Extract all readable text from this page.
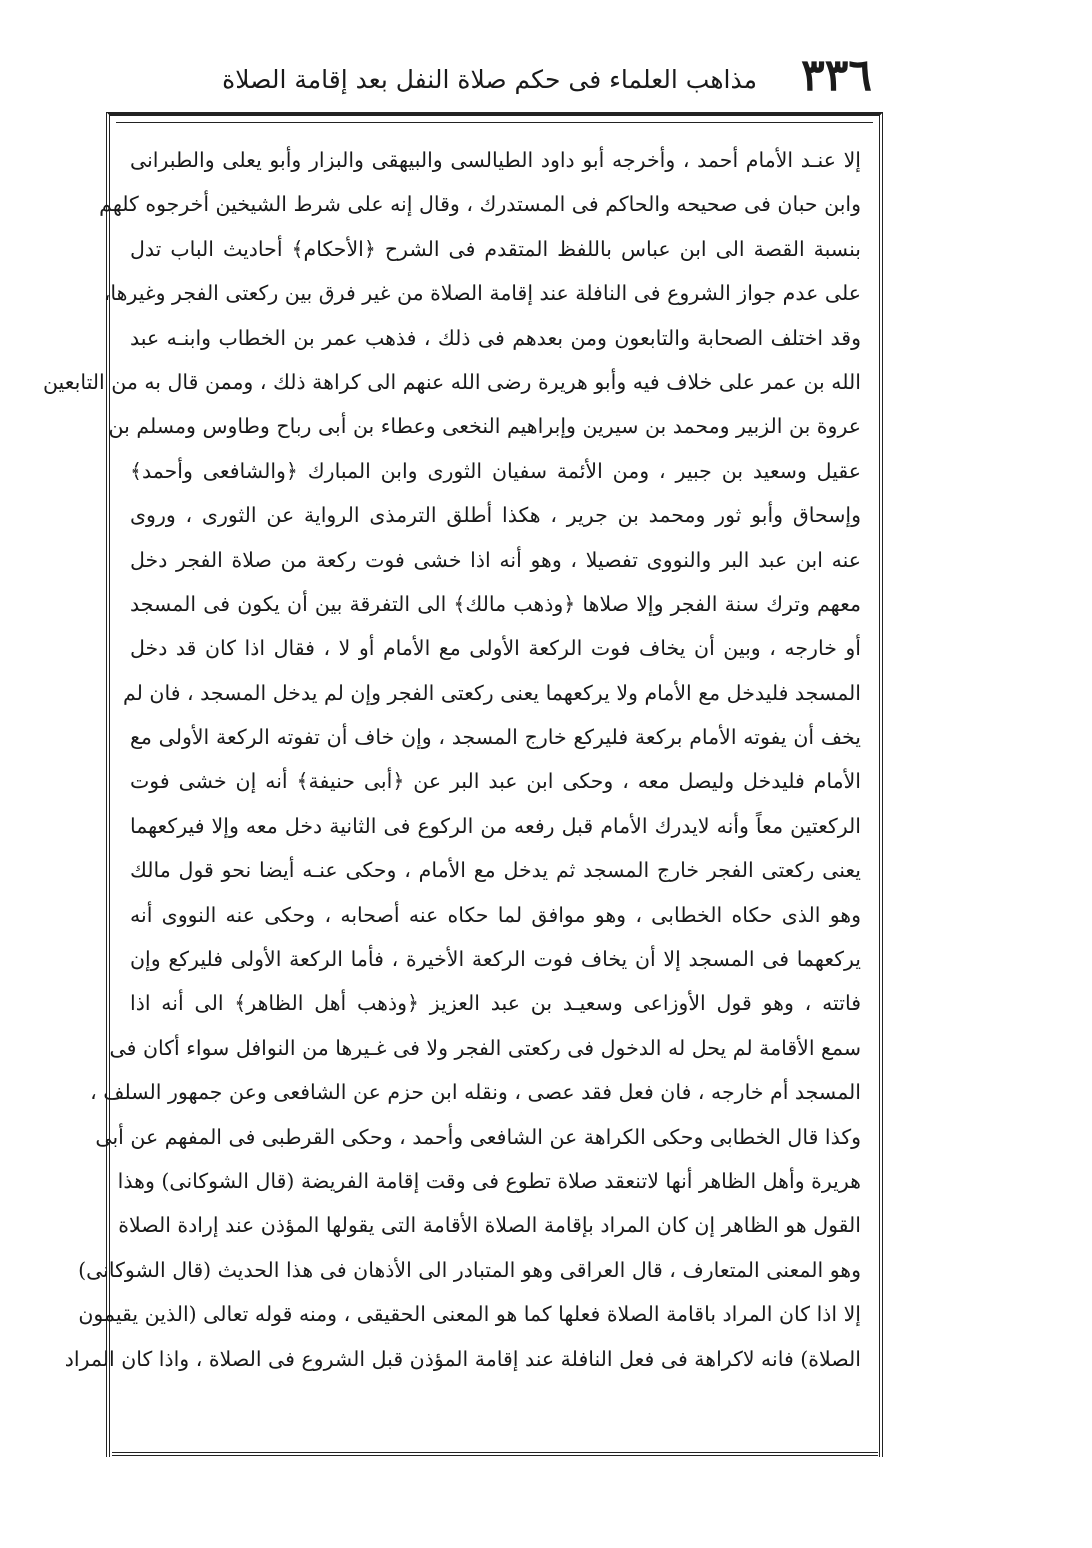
٣٣٦
مذاهب العلماء فى حكم صلاة النفل بعد إقامة الصلاة
إلا عنـد الأمام أحمد ، وأخرجه أبو داود الطيالسى والبيهقى والبزار وأبو يعلى والطبرانى
وابن حبان فى صحيحه والحاكم فى المستدرك ، وقال إنه على شرط الشيخين أخرجوه كلهم
بنسبة القصة الى ابن عباس باللفظ المتقدم فى الشرح ﴿الأحكام﴾ أحاديث الباب تدل
على عدم جواز الشروع فى النافلة عند إقامة الصلاة من غير فرق بين ركعتى الفجر وغيرها،
وقد اختلف الصحابة والتابعون ومن بعدهم فى ذلك ، فذهب عمر بن الخطاب وابنـه عبد
الله بن عمر على خلاف فيه وأبو هريرة رضى الله عنهم الى كراهة ذلك ، وممن قال به من التابعين
عروة بن الزبير ومحمد بن سيرين وإبراهيم النخعى وعطاء بن أبى رباح وطاوس ومسلم بن
عقيل وسعيد بن جبير ، ومن الأئمة سفيان الثورى وابن المبارك ﴿والشافعى وأحمد﴾
وإسحاق وأبو ثور ومحمد بن جرير ، هكذا أطلق الترمذى الرواية عن الثورى ، وروى
عنه ابن عبد البر والنووى تفصيلا ، وهو أنه اذا خشى فوت ركعة من صلاة الفجر دخل
معهم وترك سنة الفجر وإلا صلاها ﴿وذهب مالك﴾ الى التفرقة بين أن يكون فى المسجد
أو خارجه ، وبين أن يخاف فوت الركعة الأولى مع الأمام أو لا ، فقال اذا كان قد دخل
المسجد فليدخل مع الأمام ولا يركعهما يعنى ركعتى الفجر وإن لم يدخل المسجد ، فان لم
يخف أن يفوته الأمام بركعة فليركع خارج المسجد ، وإن خاف أن تفوته الركعة الأولى مع
الأمام فليدخل وليصل معه ، وحكى ابن عبد البر عن ﴿أبى حنيفة﴾ أنه إن خشى فوت
الركعتين معاً وأنه لايدرك الأمام قبل رفعه من الركوع فى الثانية دخل معه وإلا فيركعهما
يعنى ركعتى الفجر خارج المسجد ثم يدخل مع الأمام ، وحكى عنـه أيضا نحو قول مالك
وهو الذى حكاه الخطابى ، وهو موافق لما حكاه عنه أصحابه ، وحكى عنه النووى أنه
يركعهما فى المسجد إلا أن يخاف فوت الركعة الأخيرة ، فأما الركعة الأولى فليركع وإن
فاتته ، وهو قول الأوزاعى وسعيـد بن عبد العزيز ﴿وذهب أهل الظاهر﴾ الى أنه اذا
سمع الأقامة لم يحل له الدخول فى ركعتى الفجر ولا فى غـيرها من النوافل سواء أكان فى
المسجد أم خارجه ، فان فعل فقد عصى ، ونقله ابن حزم عن الشافعى وعن جمهور السلف ،
وكذا قال الخطابى وحكى الكراهة عن الشافعى وأحمد ، وحكى القرطبى فى المفهم عن أبى
هريرة وأهل الظاهر أنها لاتنعقد صلاة تطوع فى وقت إقامة الفريضة (قال الشوكانى) وهذا
القول هو الظاهر إن كان المراد بإقامة الصلاة الأقامة التى يقولها المؤذن عند إرادة الصلاة
وهو المعنى المتعارف ، قال العراقى وهو المتبادر الى الأذهان فى هذا الحديث (قال الشوكانى)
إلا اذا كان المراد باقامة الصلاة فعلها كما هو المعنى الحقيقى ، ومنه قوله تعالى (الذين يقيمون
الصلاة) فانه لاكراهة فى فعل النافلة عند إقامة المؤذن قبل الشروع فى الصلاة ، واذا كان المراد
